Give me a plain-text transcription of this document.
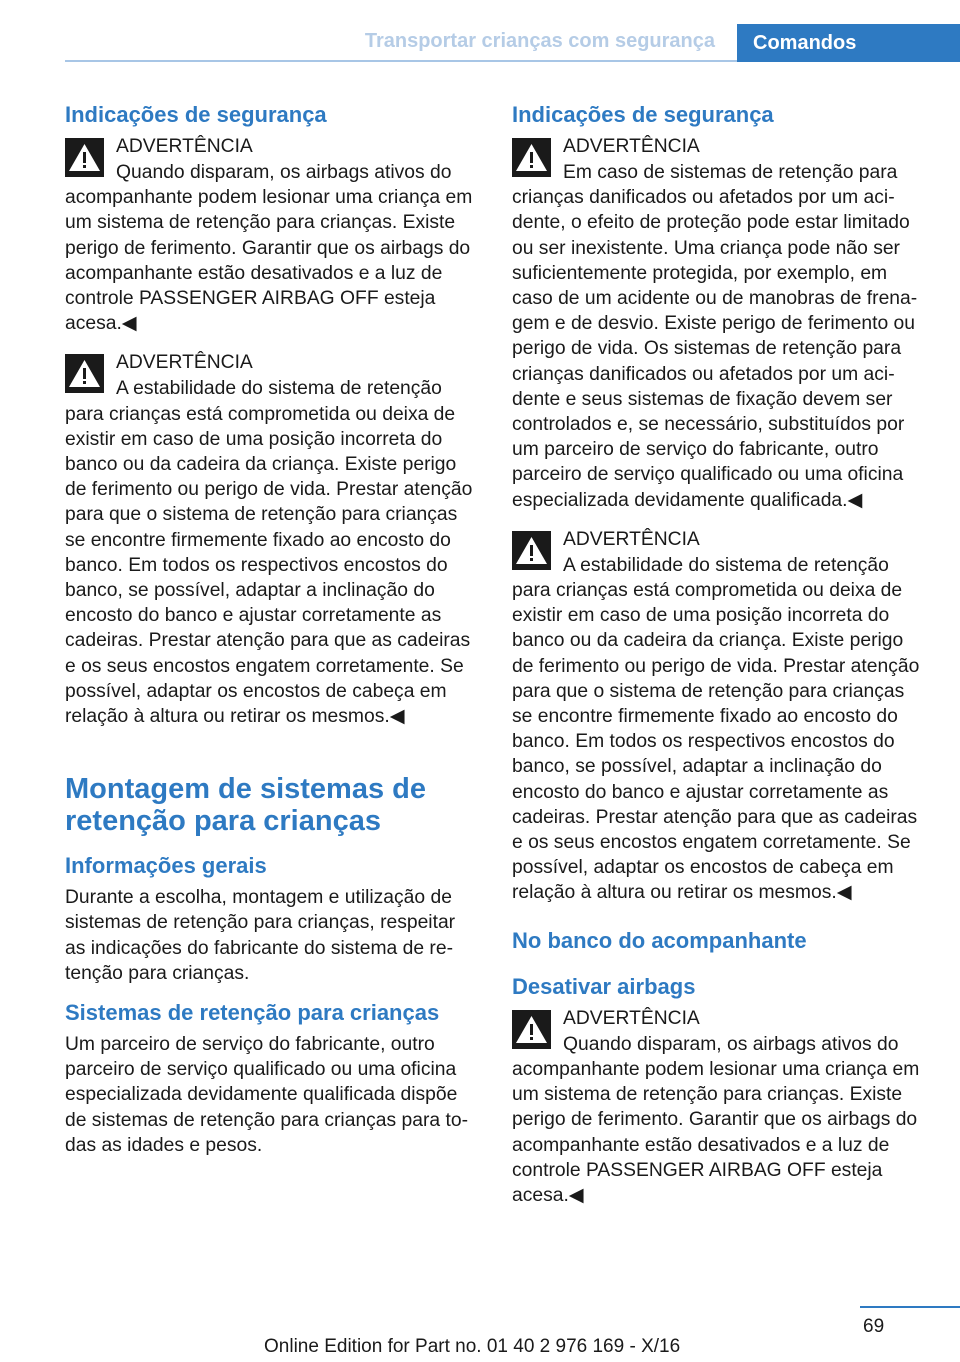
Transportar crianças com segurança Comandos
Indicações de segurança
ADVERTÊNCIA

Quando disparam, os airbags ativos do acompanhante podem lesionar uma criança em um sistema de retenção para crianças. Existe perigo de ferimento. Garantir que os airbags do acompanhante estão desativados e a luz de controle PASSENGER AIRBAG OFF esteja acesa.◀

ADVERTÊNCIA

A estabilidade do sistema de retenção para crianças está comprometida ou deixa de existir em caso de uma posição incorreta do banco ou da cadeira da criança. Existe perigo de ferimento ou perigo de vida. Prestar atenção para que o sistema de retenção para crianças se encontre firmemente fixado ao encosto do banco. Em todos os respectivos encostos do banco, se possível, adaptar a inclinação do encosto do banco e ajustar corretamente as cadeiras. Prestar atenção para que as cadeiras e os seus encostos engatem corretamente. Se possível, adaptar os encostos de cabeça em relação à altura ou retirar os mesmos.◀

Montagem de sistemas de retenção para crianças
Informações gerais

Durante a escolha, montagem e utilização de sistemas de retenção para crianças, respeitar as indicações do fabricante do sistema de retenção para crianças.

Sistemas de retenção para crianças

Um parceiro de serviço do fabricante, outro parceiro de serviço qualificado ou uma oficina especializada devidamente qualificada dispõe de sistemas de retenção para crianças para todas as idades e pesos.

Indicações de segurança
ADVERTÊNCIA

Em caso de sistemas de retenção para crianças danificados ou afetados por um acidente, o efeito de proteção pode estar limitado ou ser inexistente. Uma criança pode não ser suficientemente protegida, por exemplo, em caso de um acidente ou de manobras de frenagem e de desvio. Existe perigo de ferimento ou perigo de vida. Os sistemas de retenção para crianças danificados ou afetados por um acidente e seus sistemas de fixação devem ser controlados e, se necessário, substituídos por um parceiro de serviço do fabricante, outro parceiro de serviço qualificado ou uma oficina especializada devidamente qualificada.◀

ADVERTÊNCIA

A estabilidade do sistema de retenção para crianças está comprometida ou deixa de existir em caso de uma posição incorreta do banco ou da cadeira da criança. Existe perigo de ferimento ou perigo de vida. Prestar atenção para que o sistema de retenção para crianças se encontre firmemente fixado ao encosto do banco. Em todos os respectivos encostos do banco, se possível, adaptar a inclinação do encosto do banco e ajustar corretamente as cadeiras. Prestar atenção para que as cadeiras e os seus encostos engatem corretamente. Se possível, adaptar os encostos de cabeça em relação à altura ou retirar os mesmos.◀

No banco do acompanhante
Desativar airbags
ADVERTÊNCIA

Quando disparam, os airbags ativos do acompanhante podem lesionar uma criança em um sistema de retenção para crianças. Existe perigo de ferimento. Garantir que os airbags do acompanhante estão desativados e a luz de controle PASSENGER AIRBAG OFF esteja acesa.◀

69
Online Edition for Part no. 01 40 2 976 169 - X/16
